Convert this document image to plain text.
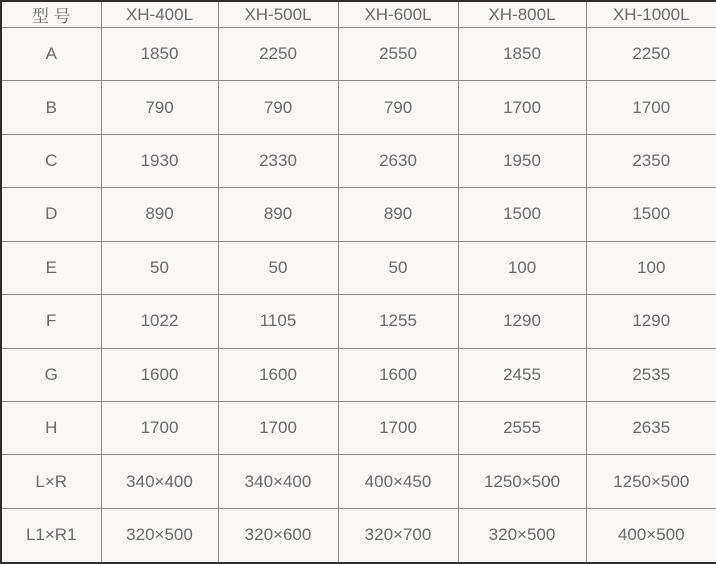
型 号	XH-400L	XH-500L	XH-600L	XH-800L	XH-1000L
A	1850	2250	2550	1850	2250
B	790	790	790	1700	1700
C	1930	2330	2630	1950	2350
D	890	890	890	1500	1500
E	50	50	50	100	100
F	1022	1105	1255	1290	1290
G	1600	1600	1600	2455	2535
H	1700	1700	1700	2555	2635
L×R	340×400	340×400	400×450	1250×500	1250×500
L1×R1	320×500	320×600	320×700	320×500	400×500
